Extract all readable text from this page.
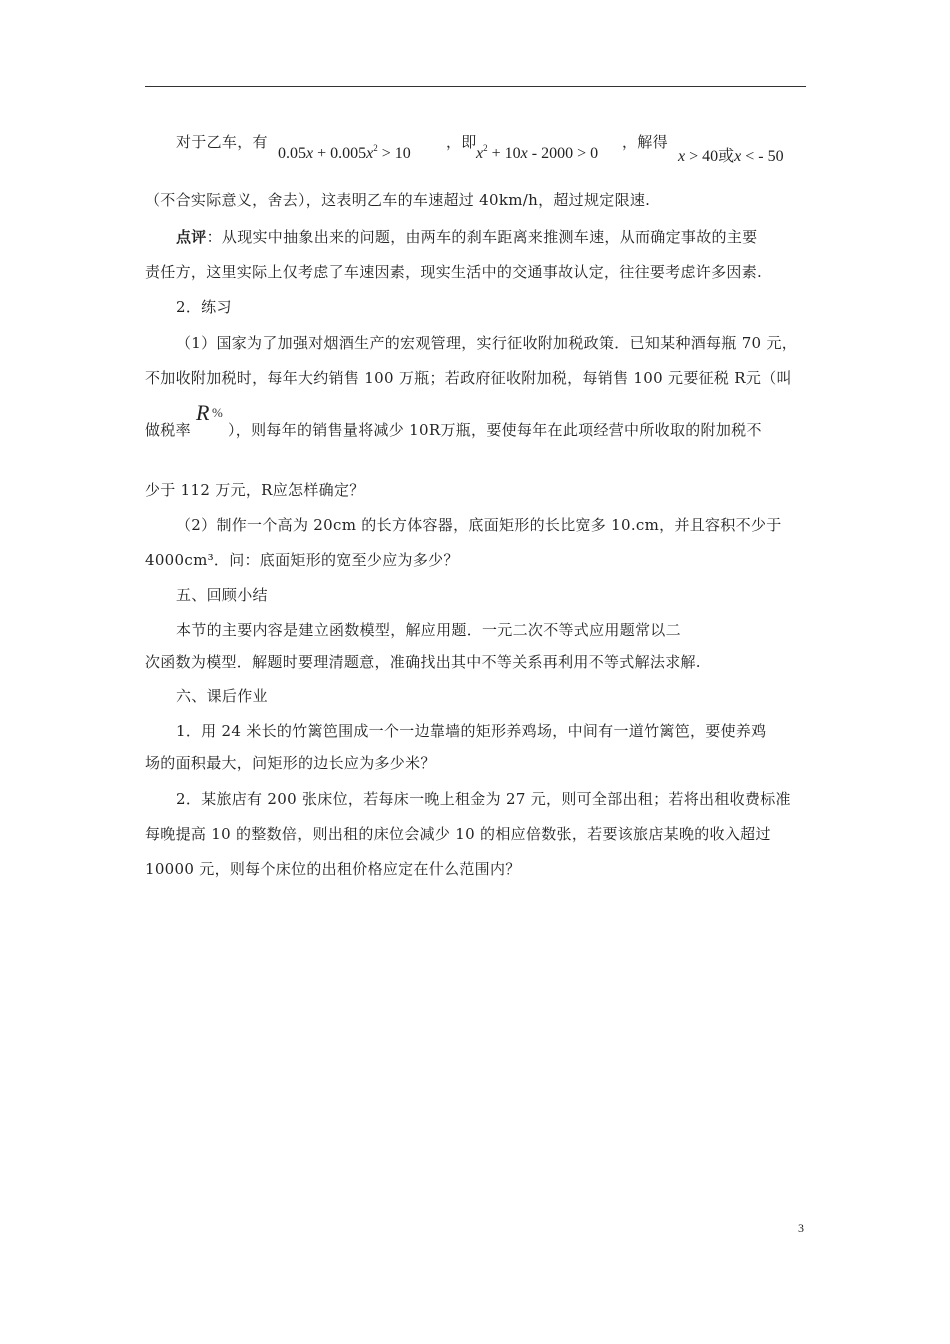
对于乙车，有
$0.05x + 0.005x^2 > 10$
，即
$x^2 + 10x - 2000 > 0$
，解得
x > 40或x < - 50
（不合实际意义，舍去），这表明乙车的车速超过 40km/h，超过规定限速.
点评：从现实中抽象出来的问题，由两车的刹车距离来推测车速，从而确定事故的主要
责任方，这里实际上仅考虑了车速因素，现实生活中的交通事故认定，往往要考虑许多因素.
2．练习
（1）国家为了加强对烟酒生产的宏观管理，实行征收附加税政策．已知某种酒每瓶 70 元，
不加收附加税时，每年大约销售 100 万瓶；若政府征收附加税，每销售 100 元要征税 R元（叫
做税率
R %
），则每年的销售量将减少 10R万瓶，要使每年在此项经营中所收取的附加税不
少于 112 万元，R应怎样确定？
（2）制作一个高为 20cm 的长方体容器，底面矩形的长比宽多 10.cm，并且容积不少于
4000cm³．问：底面矩形的宽至少应为多少？
五、回顾小结
本节的主要内容是建立函数模型，解应用题．一元二次不等式应用题常以二
次函数为模型．解题时要理清题意，准确找出其中不等关系再利用不等式解法求解.
六、课后作业
1．用 24 米长的竹篱笆围成一个一边靠墙的矩形养鸡场，中间有一道竹篱笆，要使养鸡
场的面积最大，问矩形的边长应为多少米？
2．某旅店有 200 张床位，若每床一晚上租金为 27 元，则可全部出租；若将出租收费标准
每晚提高 10 的整数倍，则出租的床位会减少 10 的相应倍数张，若要该旅店某晚的收入超过
10000 元，则每个床位的出租价格应定在什么范围内？
3
